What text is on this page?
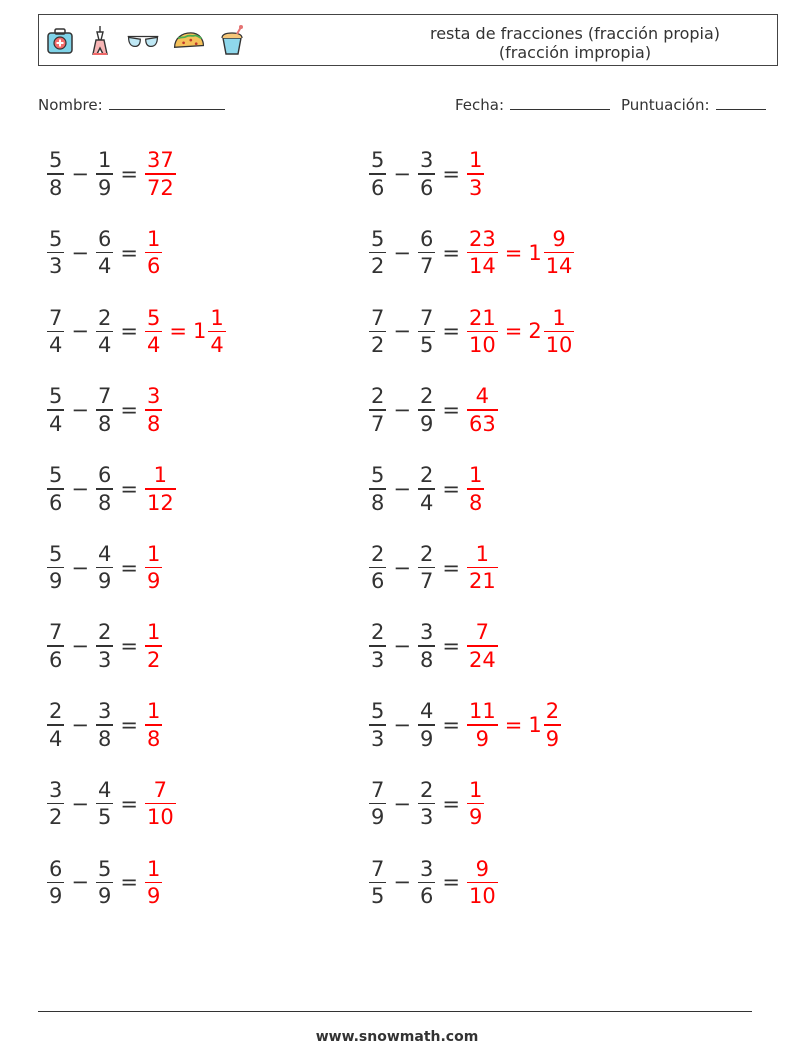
resta de fracciones (fracción propia)
(fracción impropia)
Nombre:	Fecha:	Puntuación:
$\frac{5}{8} - \frac{1}{9} = \frac{37}{72}$	$\frac{5}{6} - \frac{3}{6} = \frac{1}{3}$
$\frac{5}{3} - \frac{6}{4} = \frac{1}{6}$	$\frac{5}{2} - \frac{6}{7} = \frac{23}{14} = 1 \frac{9}{14}$
$\frac{7}{4} - \frac{2}{4} = \frac{5}{4} = 1 \frac{1}{4}$	$\frac{7}{2} - \frac{7}{5} = \frac{21}{10} = 2 \frac{1}{10}$
$\frac{5}{4} - \frac{7}{8} = \frac{3}{8}$	$\frac{2}{7} - \frac{2}{9} = \frac{4}{63}$
$\frac{5}{6} - \frac{6}{8} = \frac{1}{12}$	$\frac{5}{8} - \frac{2}{4} = \frac{1}{8}$
$\frac{5}{9} - \frac{4}{9} = \frac{1}{9}$	$\frac{2}{6} - \frac{2}{7} = \frac{1}{21}$
$\frac{7}{6} - \frac{2}{3} = \frac{1}{2}$	$\frac{2}{3} - \frac{3}{8} = \frac{7}{24}$
$\frac{2}{4} - \frac{3}{8} = \frac{1}{8}$	$\frac{5}{3} - \frac{4}{9} = \frac{11}{9} = 1 \frac{2}{9}$
$\frac{3}{2} - \frac{4}{5} = \frac{7}{10}$	$\frac{7}{9} - \frac{2}{3} = \frac{1}{9}$
$\frac{6}{9} - \frac{5}{9} = \frac{1}{9}$	$\frac{7}{5} - \frac{3}{6} = \frac{9}{10}$
www.snowmath.com
